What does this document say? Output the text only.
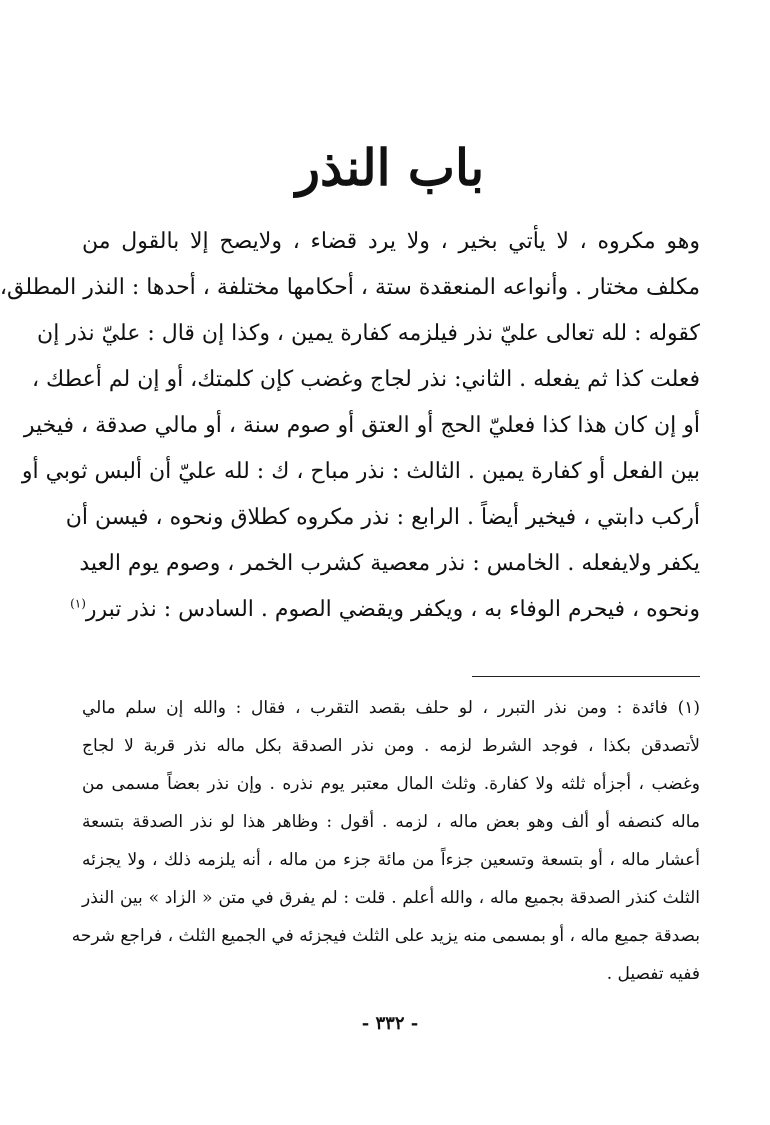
باب النذر
وهو مكروه ، لا يأتي بخير ، ولا يرد قضاء ، ولايصح إلا بالقول من
مكلف مختار . وأنواعه المنعقدة ستة ، أحكامها مختلفة ، أحدها : النذر المطلق،
كقوله : لله تعالى عليّ نذر فيلزمه كفارة يمين ، وكذا إن قال : عليّ نذر إن
فعلت كذا ثم يفعله . الثاني: نذر لجاج وغضب كإن كلمتك، أو إن لم أعطك ،
أو إن كان هذا كذا فعليّ الحج أو العتق أو صوم سنة ، أو مالي صدقة ، فيخير
بين الفعل أو كفارة يمين . الثالث : نذر مباح ، ك : لله عليّ أن ألبس ثوبي أو
أركب دابتي ، فيخير أيضاً . الرابع : نذر مكروه كطلاق ونحوه ، فيسن أن
يكفر ولايفعله . الخامس : نذر معصية كشرب الخمر ، وصوم يوم العيد
ونحوه ، فيحرم الوفاء به ، ويكفر ويقضي الصوم . السادس : نذر تبرر$^{(١)}$
(١) فائدة : ومن نذر التبرر ، لو حلف بقصد التقرب ، فقال : والله إن سلم مالي
لأتصدقن بكذا ، فوجد الشرط لزمه . ومن نذر الصدقة بكل ماله نذر قربة لا لجاج
وغضب ، أجزأه ثلثه ولا كفارة. وثلث المال معتبر يوم نذره . وإن نذر بعضاً مسمى من
ماله كنصفه أو ألف وهو بعض ماله ، لزمه . أقول : وظاهر هذا لو نذر الصدقة بتسعة
أعشار ماله ، أو بتسعة وتسعين جزءاً من مائة جزء من ماله ، أنه يلزمه ذلك ، ولا يجزئه
الثلث كنذر الصدقة بجميع ماله ، والله أعلم . قلت : لم يفرق في متن « الزاد » بين النذر
بصدقة جميع ماله ، أو بمسمى منه يزيد على الثلث فيجزئه في الجميع الثلث ، فراجع شرحه
ففيه تفصيل .
- ٣٣٢ -
